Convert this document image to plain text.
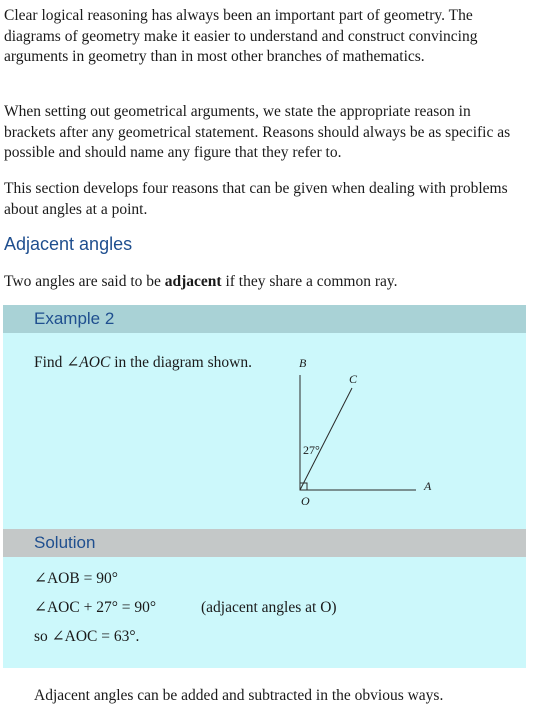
Clear logical reasoning has always been an important part of geometry. The diagrams of geometry make it easier to understand and construct convincing arguments in geometry than in most other branches of mathematics.

When setting out geometrical arguments, we state the appropriate reason in brackets after any geometrical statement. Reasons should always be as specific as possible and should name any figure that they refer to.

This section develops four reasons that can be given when dealing with problems about angles at a point.

Adjacent angles

Two angles are said to be adjacent if they share a common ray.

Example 2

Find ∠AOC in the diagram shown.	B
C
O
A
27°
Solution

∠AOB = 90°

∠AOC + 27° = 90°	(adjacent angles at O)

so ∠AOC = 63°.

Adjacent angles can be added and subtracted in the obvious ways.
